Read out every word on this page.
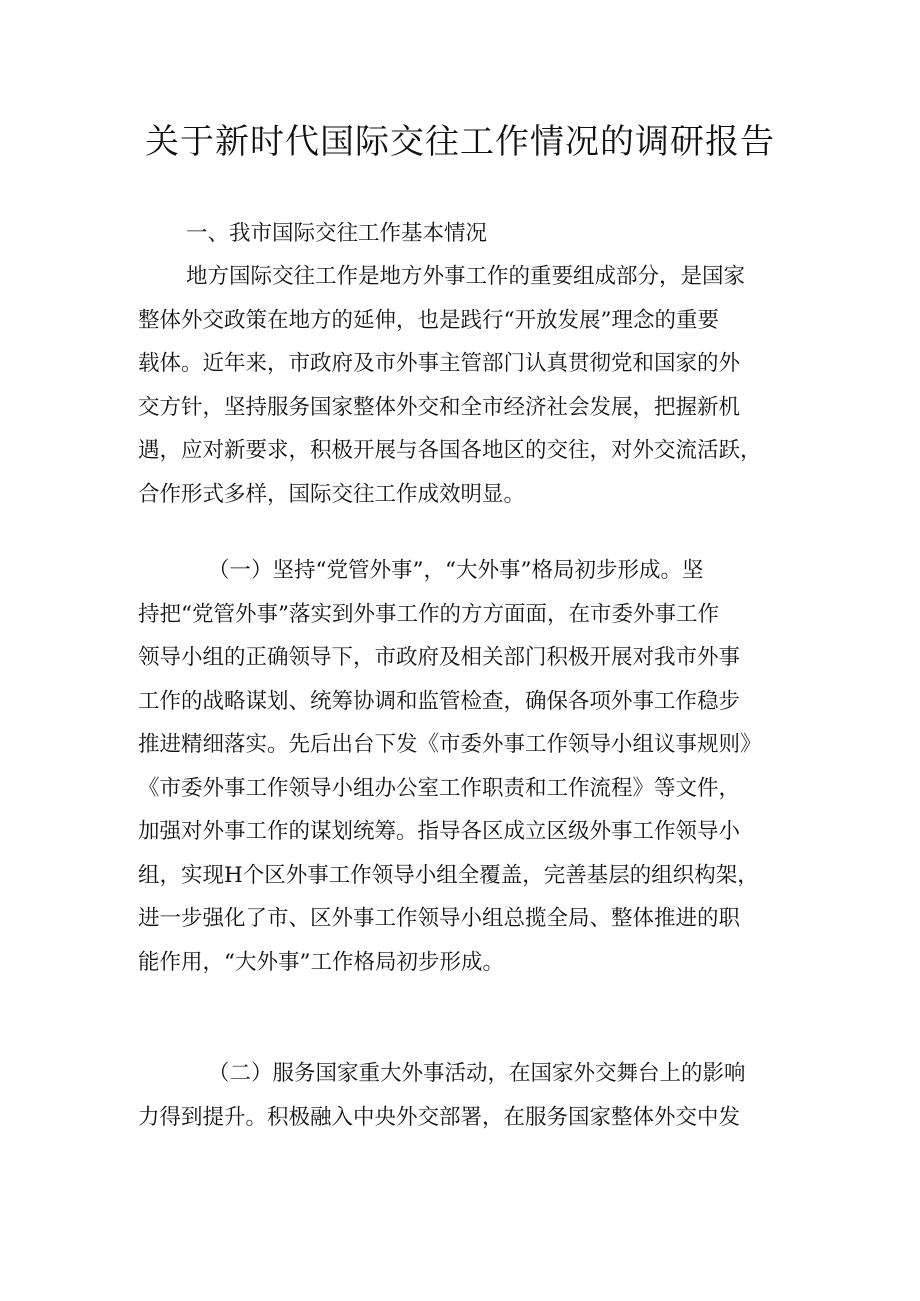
关于新时代国际交往工作情况的调研报告

一、我市国际交往工作基本情况

地方国际交往工作是地方外事工作的重要组成部分，是国家
整体外交政策在地方的延伸，也是践行“开放发展”理念的重要
载体。近年来，市政府及市外事主管部门认真贯彻党和国家的外
交方针，坚持服务国家整体外交和全市经济社会发展，把握新机
遇，应对新要求，积极开展与各国各地区的交往，对外交流活跃，
合作形式多样，国际交往工作成效明显。

（一）坚持“党管外事”，“大外事”格局初步形成。坚
持把“党管外事”落实到外事工作的方方面面，在市委外事工作
领导小组的正确领导下，市政府及相关部门积极开展对我市外事
工作的战略谋划、统筹协调和监管检查，确保各项外事工作稳步
推进精细落实。先后出台下发《市委外事工作领导小组议事规则》
《市委外事工作领导小组办公室工作职责和工作流程》等文件，
加强对外事工作的谋划统筹。指导各区成立区级外事工作领导小
组，实现H个区外事工作领导小组全覆盖，完善基层的组织构架，
进一步强化了市、区外事工作领导小组总揽全局、整体推进的职
能作用，“大外事”工作格局初步形成。

（二）服务国家重大外事活动，在国家外交舞台上的影响
力得到提升。积极融入中央外交部署，在服务国家整体外交中发
